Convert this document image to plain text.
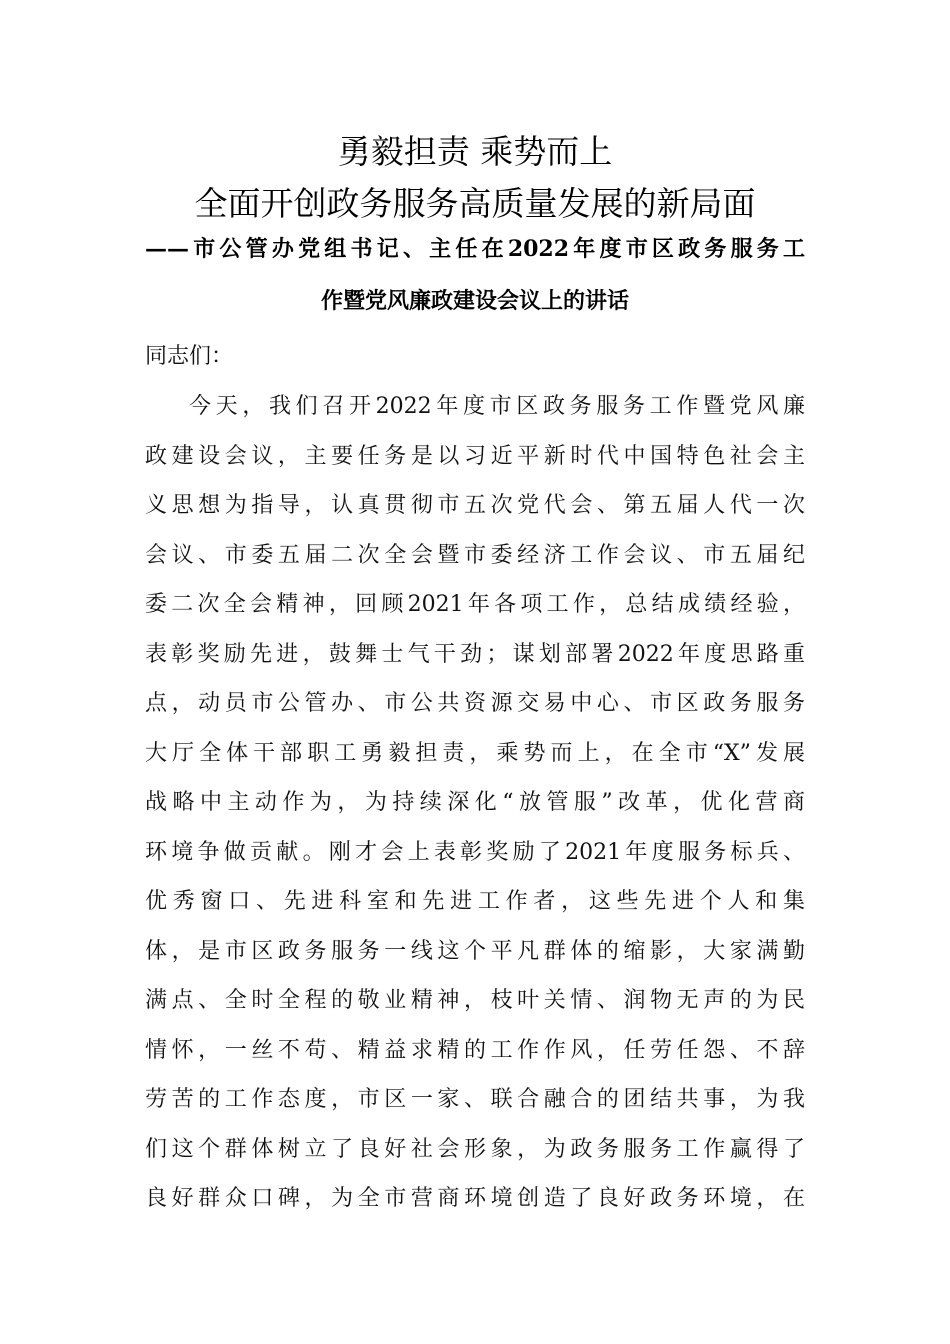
勇毅担责 乘势而上
全面开创政务服务高质量发展的新局面
——市公管办党组书记、主任在2022年度市区政务服务工
作暨党风廉政建设会议上的讲话
同志们：
今天，我们召开2022年度市区政务服务工作暨党风廉
政建设会议，主要任务是以习近平新时代中国特色社会主
义思想为指导，认真贯彻市五次党代会、第五届人代一次
会议、市委五届二次全会暨市委经济工作会议、市五届纪
委二次全会精神，回顾2021年各项工作，总结成绩经验，
表彰奖励先进，鼓舞士气干劲；谋划部署2022年度思路重
点，动员市公管办、市公共资源交易中心、市区政务服务
大厅全体干部职工勇毅担责，乘势而上，在全市“X”发展
战略中主动作为，为持续深化“放管服”改革，优化营商
环境争做贡献。刚才会上表彰奖励了2021年度服务标兵、
优秀窗口、先进科室和先进工作者，这些先进个人和集
体，是市区政务服务一线这个平凡群体的缩影，大家满勤
满点、全时全程的敬业精神，枝叶关情、润物无声的为民
情怀，一丝不苟、精益求精的工作作风，任劳任怨、不辞
劳苦的工作态度，市区一家、联合融合的团结共事，为我
们这个群体树立了良好社会形象，为政务服务工作赢得了
良好群众口碑，为全市营商环境创造了良好政务环境，在
